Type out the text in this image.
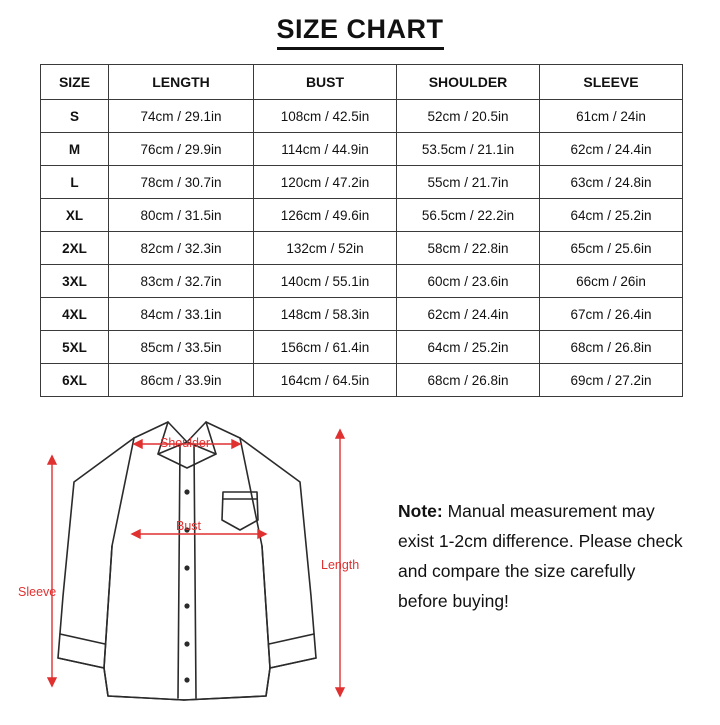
SIZE CHART
SIZE	LENGTH	BUST	SHOULDER	SLEEVE
S	74cm / 29.1in	108cm / 42.5in	52cm / 20.5in	61cm / 24in
M	76cm / 29.9in	114cm / 44.9in	53.5cm / 21.1in	62cm / 24.4in
L	78cm / 30.7in	120cm / 47.2in	55cm / 21.7in	63cm / 24.8in
XL	80cm / 31.5in	126cm / 49.6in	56.5cm / 22.2in	64cm / 25.2in
2XL	82cm / 32.3in	132cm / 52in	58cm / 22.8in	65cm / 25.6in
3XL	83cm / 32.7in	140cm / 55.1in	60cm / 23.6in	66cm / 26in
4XL	84cm / 33.1in	148cm / 58.3in	62cm / 24.4in	67cm / 26.4in
5XL	85cm / 33.5in	156cm / 61.4in	64cm / 25.2in	68cm / 26.8in
6XL	86cm / 33.9in	164cm / 64.5in	68cm / 26.8in	69cm / 27.2in
Shoulder
Bust
Length
Sleeve
Note: Manual measurement may exist 1-2cm difference. Please check and compare the size carefully before buying!
